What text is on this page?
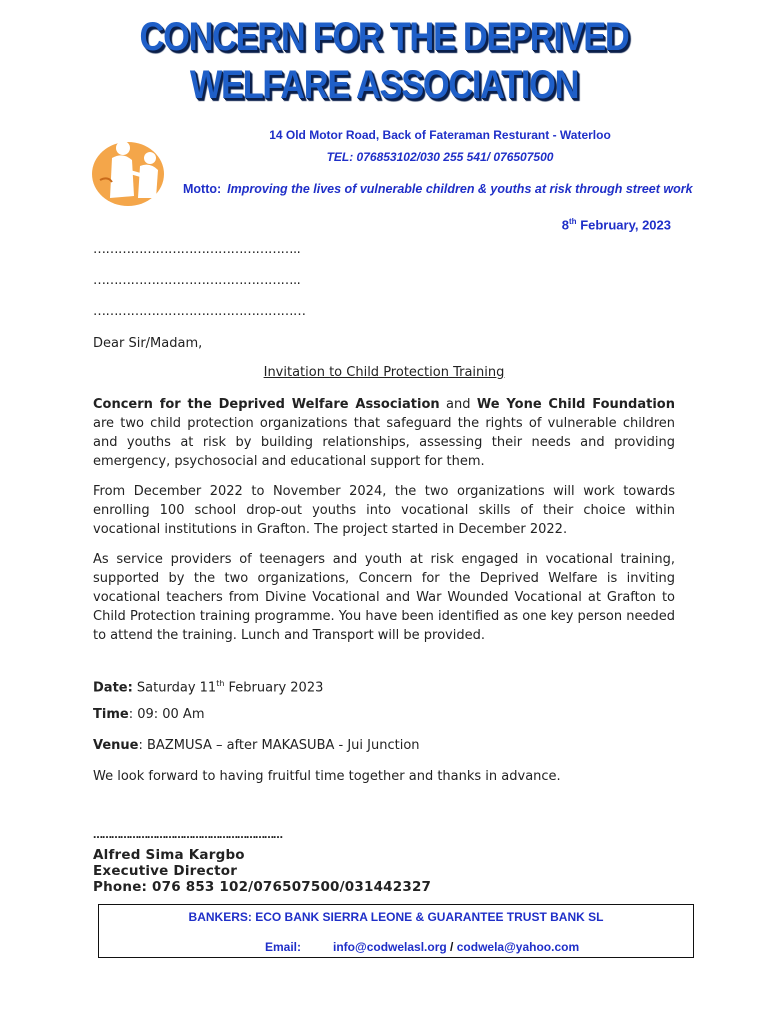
CONCERN FOR THE DEPRIVED
WELFARE ASSOCIATION
14 Old Motor Road, Back of Fateraman Resturant - Waterloo
TEL: 076853102/030 255 541/ 076507500
Motto: Improving the lives of vulnerable children & youths at risk through street work
8th February, 2023
…………………………………………..
…………………………………………..
……………………………………………
Dear Sir/Madam,
Invitation to Child Protection Training
Concern for the Deprived Welfare Association and We Yone Child Foundation are two child protection organizations that safeguard the rights of vulnerable children and youths at risk by building relationships, assessing their needs and providing emergency, psychosocial and educational support for them.
From December 2022 to November 2024, the two organizations will work towards enrolling 100 school drop-out youths into vocational skills of their choice within vocational institutions in Grafton. The project started in December 2022.
As service providers of teenagers and youth at risk engaged in vocational training, supported by the two organizations, Concern for the Deprived Welfare is inviting vocational teachers from Divine Vocational and War Wounded Vocational at Grafton to Child Protection training programme. You have been identified as one key person needed to attend the training. Lunch and Transport will be provided.
Date: Saturday 11th February 2023
Time: 09: 00 Am
Venue: BAZMUSA – after MAKASUBA - Jui Junction
We look forward to having fruitful time together and thanks in advance.
………………………………………………………
Alfred Sima Kargbo
Executive Director
Phone: 076 853 102/076507500/031442327
BANKERS: ECO BANK SIERRA LEONE & GUARANTEE TRUST BANK SL
Email:	info@codwelasl.org / codwela@yahoo.com
